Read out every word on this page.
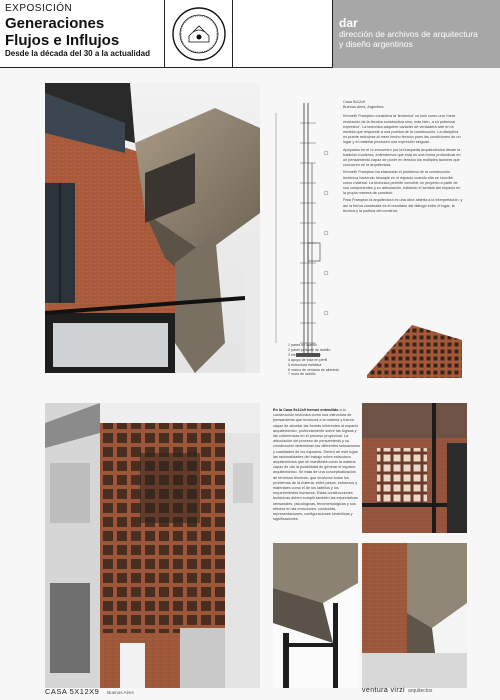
EXPOSICIÓN
Generaciones
Flujos e Influjos
Desde la década del 30 a la actualidad
dar
dirección de archivos de arquitectura
y diseño argentinos
Casa 5x12x9
Buenos Aires, Argentina

Kenneth Frampton considera la 'tectónica' no solo como una 'mera revelación de la técnica constructiva sino, más bien, a su potencial expresivo'. La tectónica adquiere carácter de verdadera arte en la medida que responde a una poética de la construcción. La disciplina no puede reducirse al mero hecho técnico pues las condiciones de un lugar y el material producen una expresión singular.

Apoyados en el re-encuentro por la búsqueda arquitectónica desde la tradición moderna, entendemos que esta es una forma profundizar en un pensamiento capaz de poner en tensión los múltiples factores que concurren en la arquitectura.

Kenneth Frampton ha elaborado el problema de la construcción tectónica haciendo hincapié en el espacio cuando ella se concibe como material. La tectónica permite concebir un proyecto a partir de sus componentes y su articulación, hallando el sentido del espacio en la propia manera de construir.

Para Frampton la arquitectura es una obra abierta a la interpretación, y así la forma construida es el resultado del diálogo entre el lugar, la técnica y la poética del construir.

1 pared de ladrillo
2 panel portante de ladrillo
3 elemento de acero
4 apoyo de losa en perfil
5 estructura metálica
6 marco de ventana de aluminio
7 muro de ladrillo
En la Casa 5x12x9 hemos entendido a la construcción tectónica como una estructura de pensamiento que involucra a la materia y fuerza capaz de abordar las formas inherentes al espacio arquitectónico, profundamente sobre las lógicas y las coherencias en el proceso proyectual. La articulación del proceso de pensamiento y su construcción determinan las diferentes sensaciones y cualidades de los espacios. Dentro de este lugar las racionalidades del trabajo sobre estructura arquitectónica que se manifiesta como la materia capaz de dar la posibilidad de generar el espacio arquitectónico. Se trata de una conceptualización de términos técnicos, que involucra todos los problemas de la materia, entre pesos, esfuerzos y materiales como el de los ladrillos y los requerimientos humanos. Estas construcciones tectónicas deben cumplir también las expectativas sensoriales, psicológicas, fenomenológicas y sus efectos en las emociones, conductas, representaciones, configuraciones simbólicas y significaciones.
CASA 5X12X9 Buenos Aires	ventura virzi arquitectos
